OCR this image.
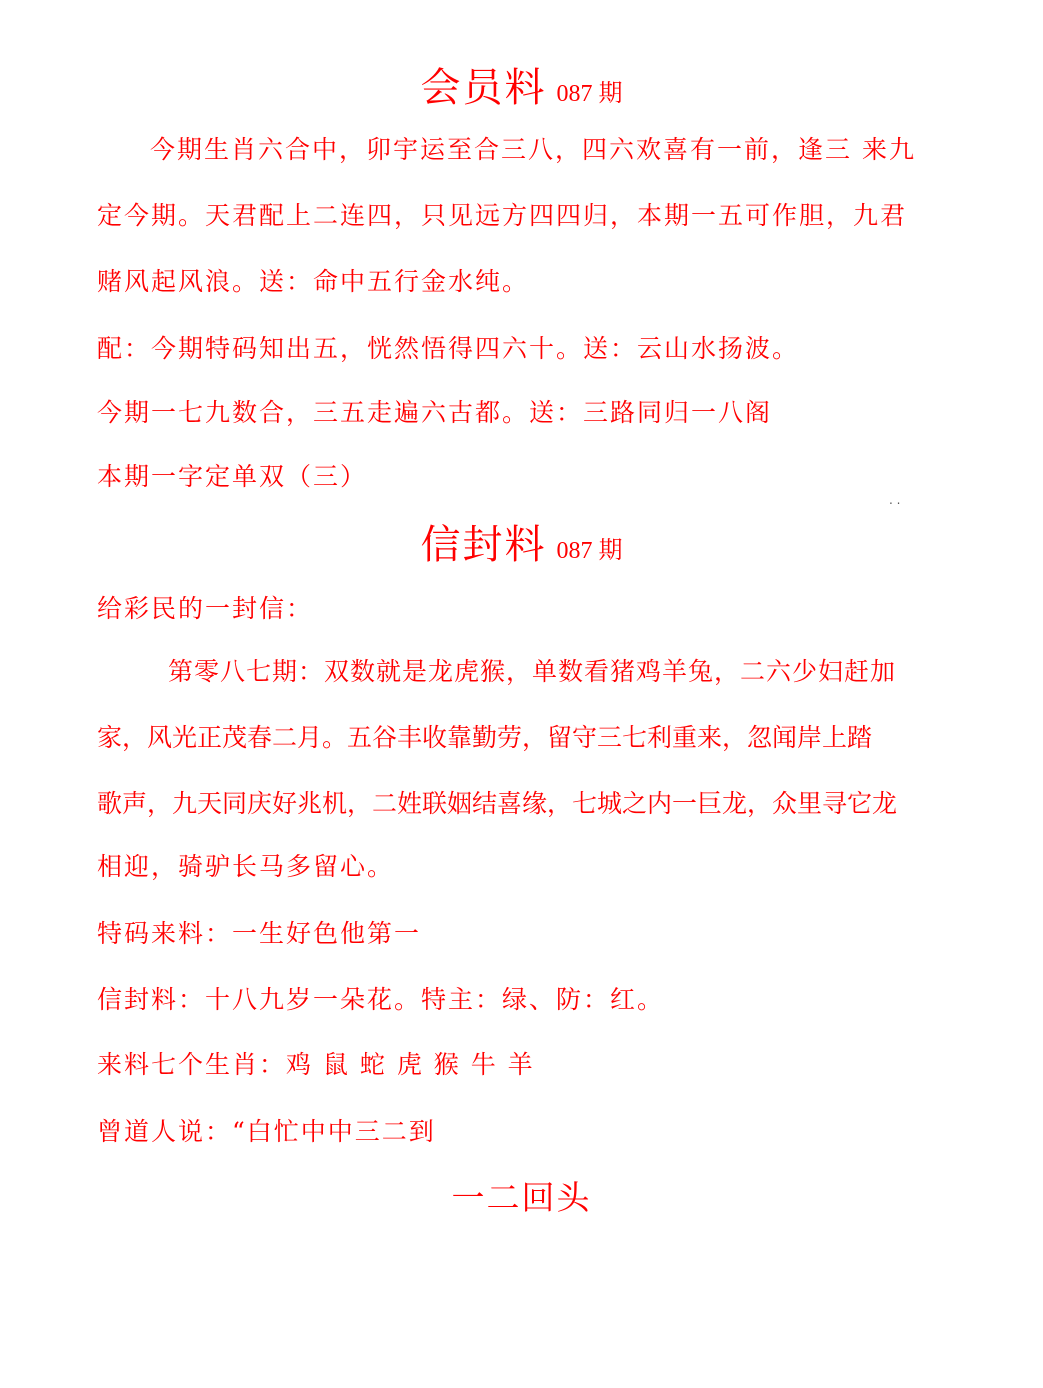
会员料 087 期
今期生肖六合中，卯宇运至合三八，四六欢喜有一前，逢三 来九
定今期。天君配上二连四，只见远方四四归，本期一五可作胆，九君
赌风起风浪。送：命中五行金水纯。
配：今期特码知出五，恍然悟得四六十。送：云山水扬波。
今期一七九数合，三五走遍六古都。送：三路同归一八阁
本期一字定单双（三）
. .
信封料 087 期
给彩民的一封信：
第零八七期：双数就是龙虎猴，单数看猪鸡羊兔，二六少妇赶加
家，风光正茂春二月。五谷丰收靠勤劳，留守三七利重来，忽闻岸上踏
歌声，九天同庆好兆机，二姓联姻结喜缘，七城之内一巨龙，众里寻它龙
相迎，骑驴长马多留心。
特码来料：一生好色他第一
信封料：十八九岁一朵花。特主：绿、防：红。
来料七个生肖：鸡 鼠 蛇 虎 猴 牛 羊
曾道人说：“白忙中中三二到
一二回头
